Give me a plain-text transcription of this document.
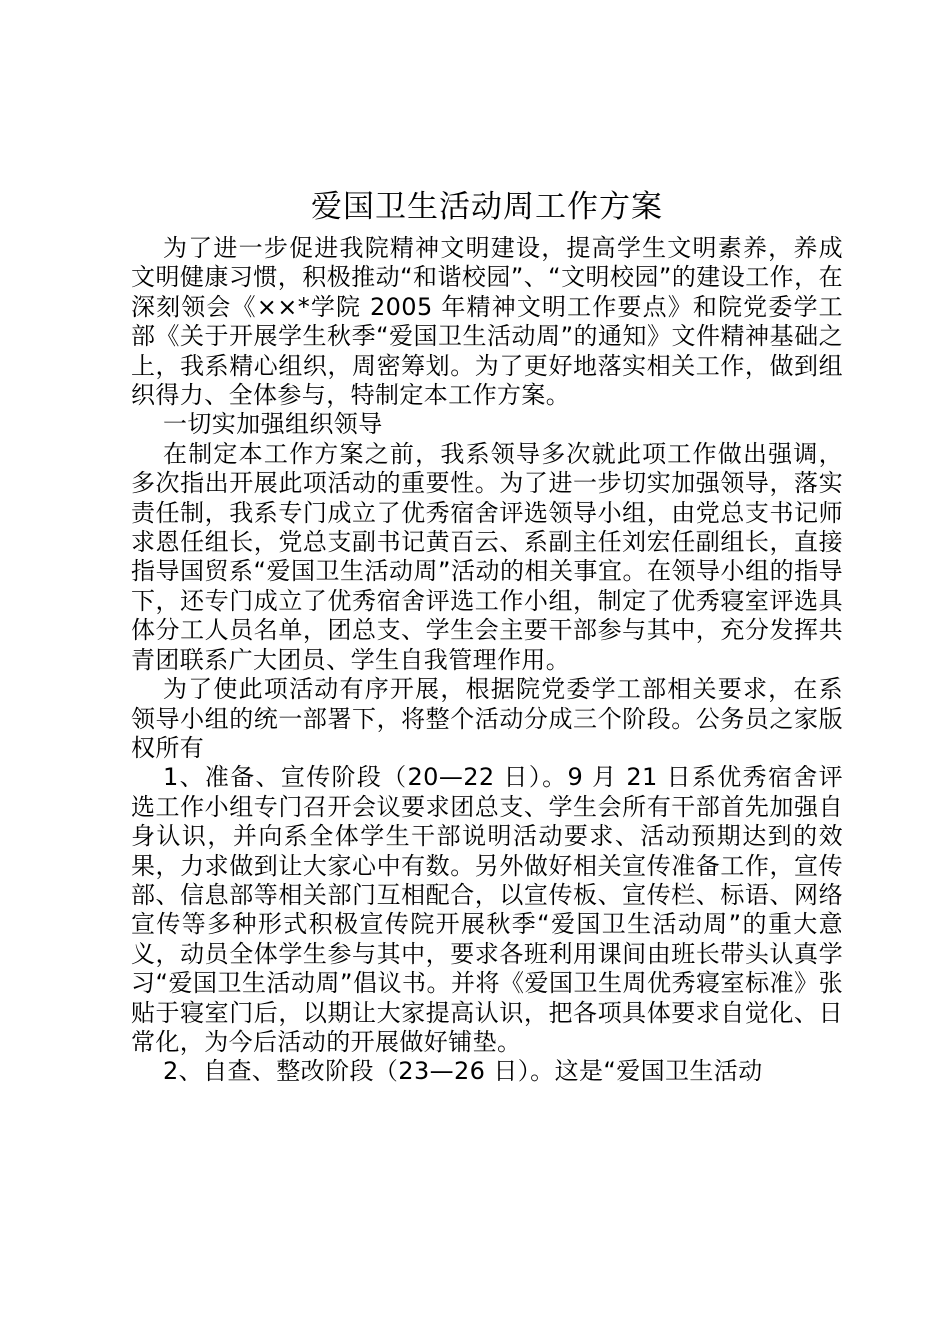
爱国卫生活动周工作方案

为了进一步促进我院精神文明建设，提高学生文明素养，养成文明健康习惯，积极推动“和谐校园”、“文明校园”的建设工作，在深刻领会《××*学院 2005 年精神文明工作要点》和院党委学工部《关于开展学生秋季“爱国卫生活动周”的通知》文件精神基础之上，我系精心组织，周密筹划。为了更好地落实相关工作，做到组织得力、全体参与，特制定本工作方案。

一切实加强组织领导

在制定本工作方案之前，我系领导多次就此项工作做出强调，多次指出开展此项活动的重要性。为了进一步切实加强领导，落实责任制，我系专门成立了优秀宿舍评选领导小组，由党总支书记师求恩任组长，党总支副书记黄百云、系副主任刘宏任副组长，直接指导国贸系“爱国卫生活动周”活动的相关事宜。在领导小组的指导下，还专门成立了优秀宿舍评选工作小组，制定了优秀寝室评选具体分工人员名单，团总支、学生会主要干部参与其中，充分发挥共青团联系广大团员、学生自我管理作用。

为了使此项活动有序开展，根据院党委学工部相关要求，在系领导小组的统一部署下，将整个活动分成三个阶段。公务员之家版权所有

1、准备、宣传阶段（20—22 日）。9 月 21 日系优秀宿舍评选工作小组专门召开会议要求团总支、学生会所有干部首先加强自身认识，并向系全体学生干部说明活动要求、活动预期达到的效果，力求做到让大家心中有数。另外做好相关宣传准备工作，宣传部、信息部等相关部门互相配合，以宣传板、宣传栏、标语、网络宣传等多种形式积极宣传院开展秋季“爱国卫生活动周”的重大意义，动员全体学生参与其中，要求各班利用课间由班长带头认真学习“爱国卫生活动周”倡议书。并将《爱国卫生周优秀寝室标准》张贴于寝室门后，以期让大家提高认识，把各项具体要求自觉化、日常化，为今后活动的开展做好铺垫。

2、自查、整改阶段（23—26 日）。这是“爱国卫生活动
